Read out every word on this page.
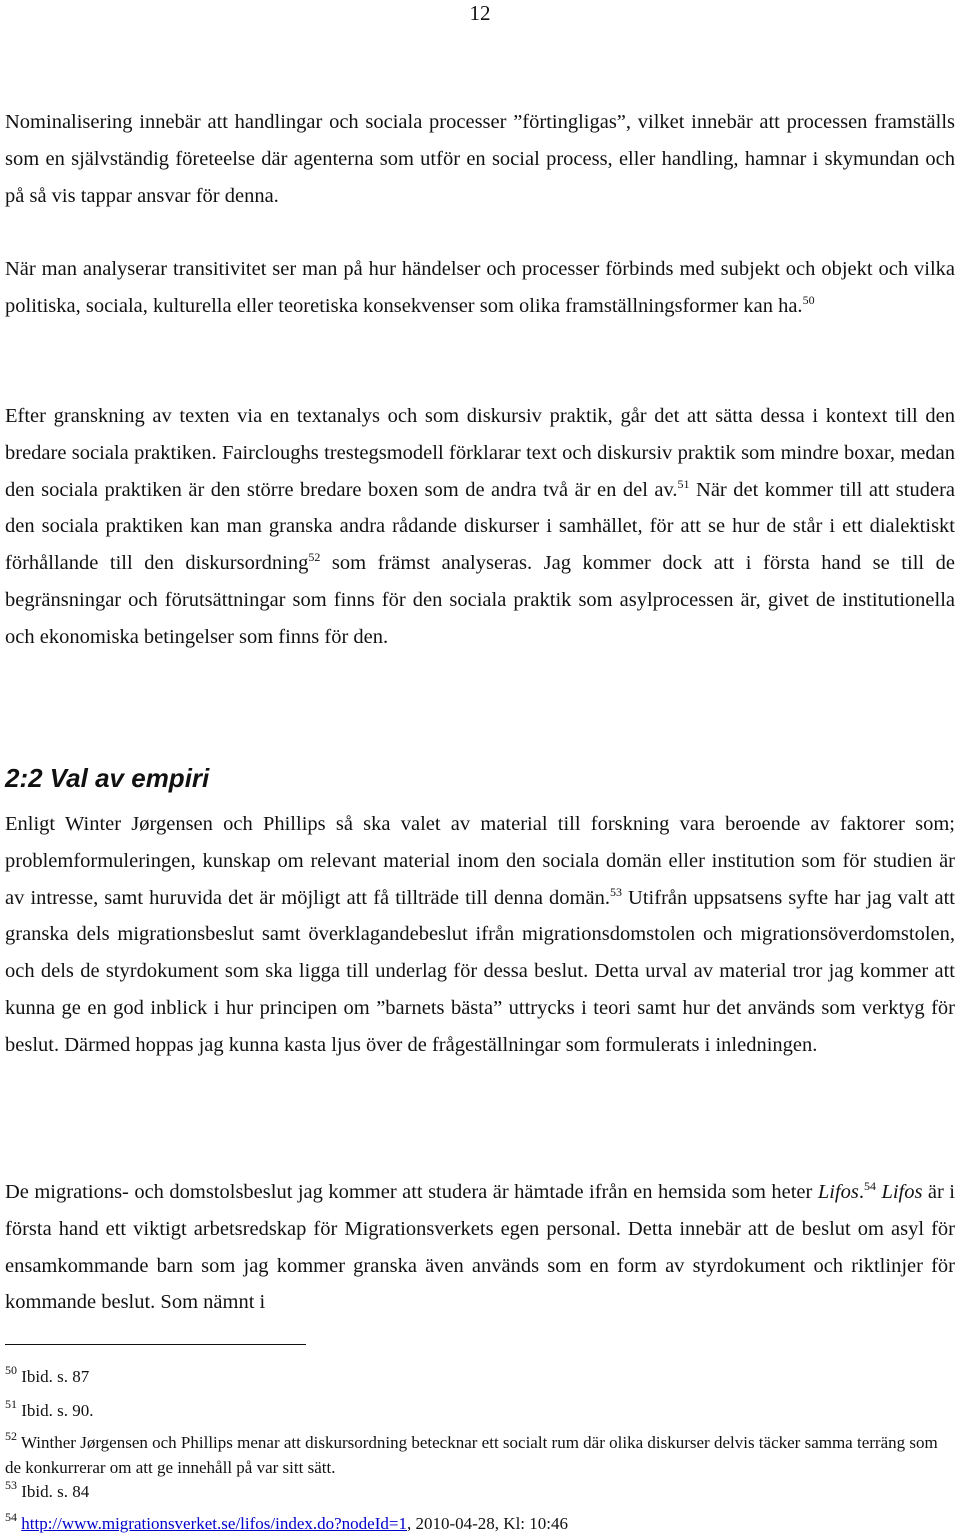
12

Nominalisering innebär att handlingar och sociala processer ”förtingligas”, vilket innebär att processen framställs som en självständig företeelse där agenterna som utför en social process, eller handling, hamnar i skymundan och på så vis tappar ansvar för denna.

När man analyserar transitivitet ser man på hur händelser och processer förbinds med subjekt och objekt och vilka politiska, sociala, kulturella eller teoretiska konsekvenser som olika framställningsformer kan ha.$^{50}$

Efter granskning av texten via en textanalys och som diskursiv praktik, går det att sätta dessa i kontext till den bredare sociala praktiken. Faircloughs trestegsmodell förklarar text och diskursiv praktik som mindre boxar, medan den sociala praktiken är den större bredare boxen som de andra två är en del av.$^{51}$ När det kommer till att studera den sociala praktiken kan man granska andra rådande diskurser i samhället, för att se hur de står i ett dialektiskt förhållande till den diskursordning$^{52}$ som främst analyseras. Jag kommer dock att i första hand se till de begränsningar och förutsättningar som finns för den sociala praktik som asylprocessen är, givet de institutionella och ekonomiska betingelser som finns för den.

2:2 Val av empiri

Enligt Winter Jørgensen och Phillips så ska valet av material till forskning vara beroende av faktorer som; problemformuleringen, kunskap om relevant material inom den sociala domän eller institution som för studien är av intresse, samt huruvida det är möjligt att få tillträde till denna domän.$^{53}$ Utifrån uppsatsens syfte har jag valt att granska dels migrationsbeslut samt överklagandebeslut ifrån migrationsdomstolen och migrationsöverdomstolen, och dels de styrdokument som ska ligga till underlag för dessa beslut. Detta urval av material tror jag kommer att kunna ge en god inblick i hur principen om ”barnets bästa” uttrycks i teori samt hur det används som verktyg för beslut. Därmed hoppas jag kunna kasta ljus över de frågeställningar som formulerats i inledningen.

De migrations- och domstolsbeslut jag kommer att studera är hämtade ifrån en hemsida som heter Lifos.$^{54}$ Lifos är i första hand ett viktigt arbetsredskap för Migrationsverkets egen personal. Detta innebär att de beslut om asyl för ensamkommande barn som jag kommer granska även används som en form av styrdokument och riktlinjer för kommande beslut. Som nämnt i

$^{50}$ Ibid. s. 87

$^{51}$ Ibid. s. 90.

$^{52}$ Winther Jørgensen och Phillips menar att diskursordning betecknar ett socialt rum där olika diskurser delvis täcker samma terräng som de konkurrerar om att ge innehåll på var sitt sätt.

$^{53}$ Ibid. s. 84

$^{54}$ http://www.migrationsverket.se/lifos/index.do?nodeId=1, 2010-04-28, Kl: 10:46
